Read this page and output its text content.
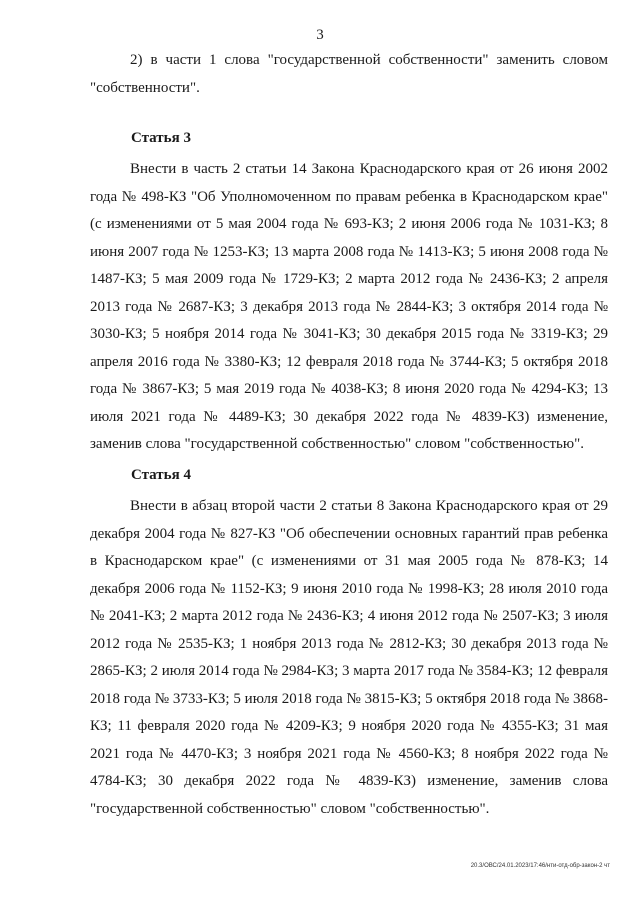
3

2) в части 1 слова "государственной собственности" заменить словом "собственности".

Статья 3

Внести в часть 2 статьи 14 Закона Краснодарского края от 26 июня 2002 года № 498-КЗ "Об Уполномоченном по правам ребенка в Краснодарском крае" (с изменениями от 5 мая 2004 года № 693-КЗ; 2 июня 2006 года № 1031-КЗ; 8 июня 2007 года № 1253-КЗ; 13 марта 2008 года № 1413-КЗ; 5 июня 2008 года № 1487-КЗ; 5 мая 2009 года № 1729-КЗ; 2 марта 2012 года № 2436-КЗ; 2 апреля 2013 года № 2687-КЗ; 3 декабря 2013 года № 2844-КЗ; 3 октября 2014 года № 3030-КЗ; 5 ноября 2014 года № 3041-КЗ; 30 декабря 2015 года № 3319-КЗ; 29 апреля 2016 года № 3380-КЗ; 12 февраля 2018 года № 3744-КЗ; 5 октября 2018 года № 3867-КЗ; 5 мая 2019 года № 4038-КЗ; 8 июня 2020 года № 4294-КЗ; 13 июля 2021 года № 4489-КЗ; 30 декабря 2022 года № 4839-КЗ) изменение, заменив слова "государственной собственностью" словом "собственностью".

Статья 4

Внести в абзац второй части 2 статьи 8 Закона Краснодарского края от 29 декабря 2004 года № 827-КЗ "Об обеспечении основных гарантий прав ребенка в Краснодарском крае" (с изменениями от 31 мая 2005 года № 878-КЗ; 14 декабря 2006 года № 1152-КЗ; 9 июня 2010 года № 1998-КЗ; 28 июля 2010 года № 2041-КЗ; 2 марта 2012 года № 2436-КЗ; 4 июня 2012 года № 2507-КЗ; 3 июля 2012 года № 2535-КЗ; 1 ноября 2013 года № 2812-КЗ; 30 декабря 2013 года № 2865-КЗ; 2 июля 2014 года № 2984-КЗ; 3 марта 2017 года № 3584-КЗ; 12 февраля 2018 года № 3733-КЗ; 5 июля 2018 года № 3815-КЗ; 5 октября 2018 года № 3868-КЗ; 11 февраля 2020 года № 4209-КЗ; 9 ноября 2020 года № 4355-КЗ; 31 мая 2021 года № 4470-КЗ; 3 ноября 2021 года № 4560-КЗ; 8 ноября 2022 года № 4784-КЗ; 30 декабря 2022 года № 4839-КЗ) изменение, заменив слова "государственной собственностью" словом "собственностью".

20.3/ОВС/24.01.2023/17:46/нти-отд-обр-закон-2 чт
